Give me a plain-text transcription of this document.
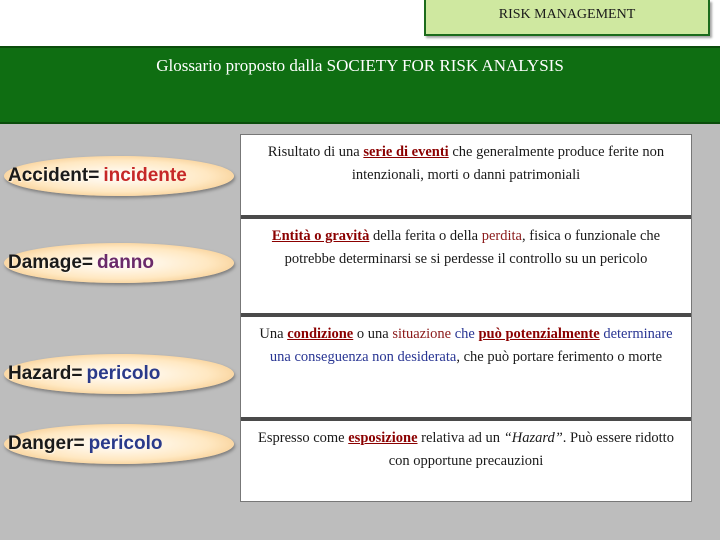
RISK MANAGEMENT
Glossario proposto dalla SOCIETY FOR RISK ANALYSIS
Accident = incidente
Damage = danno
Hazard = pericolo
Danger = pericolo
Risultato di una serie di eventi che generalmente produce ferite non intenzionali, morti o danni patrimoniali
Entità o gravità della ferita o della perdita, fisica o funzionale che potrebbe determinarsi se si perdesse il controllo su un pericolo
Una condizione o una situazione che può potenzialmente determinare una conseguenza non desiderata, che può portare ferimento o morte
Espresso come esposizione relativa ad un “Hazard”. Può essere ridotto con opportune precauzioni
